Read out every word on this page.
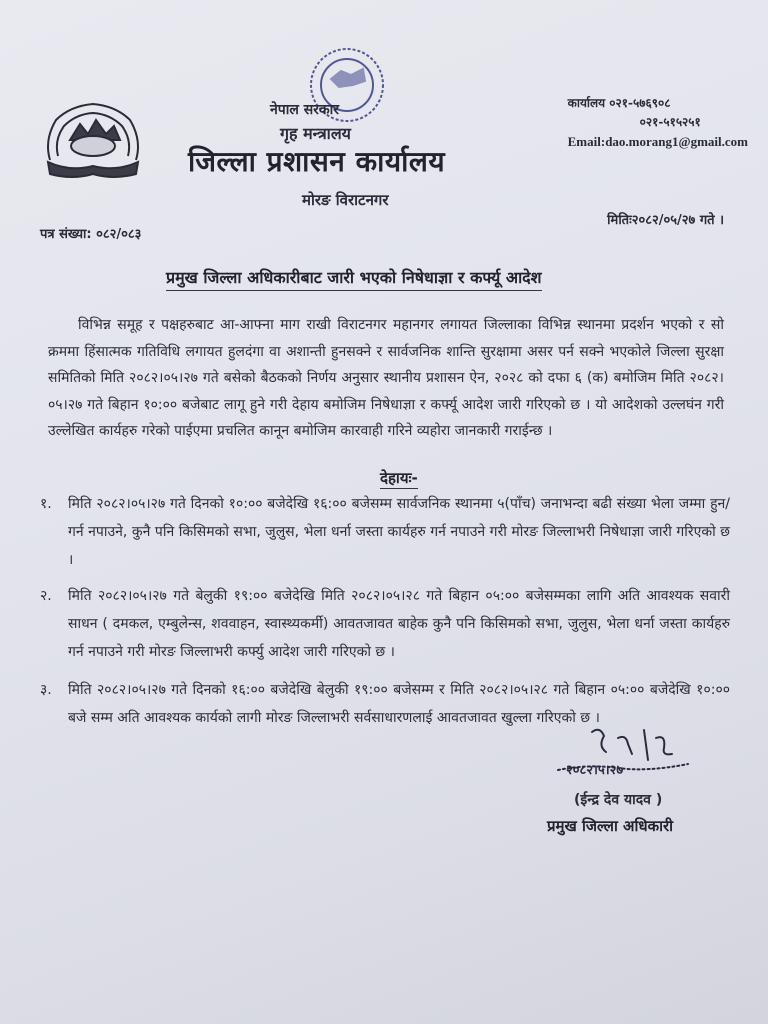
नेपाल सरकार
गृह मन्त्रालय
जिल्ला प्रशासन कार्यालय
मोरङ विराटनगर
कार्यालय ०२१-५७६९०८
०२१-५१५२५१
Email:dao.morang1@gmail.com
पत्र संख्या: ०८२/०८३
मितिः२०८२/०५/२७ गते ।
प्रमुख जिल्ला अधिकारीबाट जारी भएको निषेधाज्ञा र कर्फ्यू आदेश
विभिन्न समूह र पक्षहरुबाट आ-आफ्ना माग राखी विराटनगर महानगर लगायत जिल्लाका विभिन्न स्थानमा प्रदर्शन भएको र सो क्रममा हिंसात्मक गतिविधि लगायत हुलदंगा वा अशान्ती हुनसक्ने र सार्वजनिक शान्ति सुरक्षामा असर पर्न सक्ने भएकोले जिल्ला सुरक्षा समितिको मिति २०८२।०५।२७ गते बसेको बैठकको निर्णय अनुसार स्थानीय प्रशासन ऐन, २०२८ को दफा ६ (क) बमोजिम मिति २०८२।०५।२७ गते बिहान १०:०० बजेबाट लागू हुने गरी देहाय बमोजिम निषेधाज्ञा र कर्फ्यू आदेश जारी गरिएको छ । यो आदेशको उल्लघंन गरी उल्लेखित कार्यहरु गरेको पाईएमा प्रचलित कानून बमोजिम कारवाही गरिने व्यहोरा जानकारी गराईन्छ ।
देहायः-
१.	मिति २०८२।०५।२७ गते दिनको १०:०० बजेदेखि १६:०० बजेसम्म सार्वजनिक स्थानमा ५(पाँच) जनाभन्दा बढी संख्या भेला जम्मा हुन/गर्न नपाउने, कुनै पनि किसिमको सभा, जुलुस, भेला धर्ना जस्ता कार्यहरु गर्न नपाउने गरी मोरङ जिल्लाभरी निषेधाज्ञा जारी गरिएको छ ।
२.	मिति २०८२।०५।२७ गते बेलुकी १९:०० बजेदेखि मिति २०८२।०५।२८ गते बिहान ०५:०० बजेसम्मका लागि अति आवश्यक सवारी साधन ( दमकल, एम्बुलेन्स, शववाहन, स्वास्थ्यकर्मी) आवतजावत बाहेक कुनै पनि किसिमको सभा, जुलुस, भेला धर्ना जस्ता कार्यहरु गर्न नपाउने गरी मोरङ जिल्लाभरी कर्फ्यु आदेश जारी गरिएको छ ।
३.	मिति २०८२।०५।२७ गते दिनको १६:०० बजेदेखि बेलुकी १९:०० बजेसम्म र मिति २०८२।०५।२८ गते बिहान ०५:०० बजेदेखि १०:०० बजे सम्म अति आवश्यक कार्यको लागी मोरङ जिल्लाभरी सर्वसाधारणलाई आवतजावत खुल्ला गरिएको छ ।
२०८२।५।२७
(ईन्द्र देव यादव )
प्रमुख जिल्ला अधिकारी
